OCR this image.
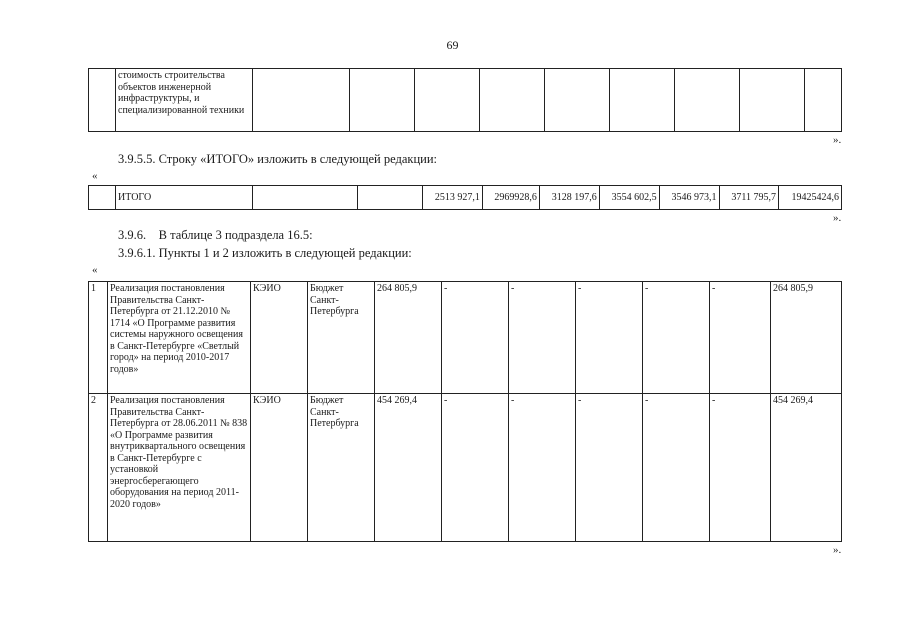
69
	стоимость строительства объектов инженерной инфраструктуры, и специализированной техники									
».
3.9.5.5. Строку «ИТОГО» изложить в следующей редакции:
«
	ИТОГО			2513 927,1	2969928,6	3128 197,6	3554 602,5	3546 973,1	3711 795,7	19425424,6
».
3.9.6.    В таблице 3 подраздела 16.5:
3.9.6.1. Пункты 1 и 2 изложить в следующей редакции:
«
1	Реализация постановления Правительства Санкт-Петербурга от 21.12.2010 № 1714 «О Программе развития системы наружного освещения в Санкт-Петербурге «Светлый город» на период 2010-2017 годов»	КЭИО	Бюджет Санкт-Петербурга	264 805,9	-	-	-	-	-	264 805,9
2	Реализация постановления Правительства Санкт-Петербурга от 28.06.2011 № 838 «О Программе развития внутриквартального освещения в Санкт-Петербурге с установкой энергосберегающего оборудования на период 2011-2020 годов»	КЭИО	Бюджет Санкт-Петербурга	454 269,4	-	-	-	-	-	454 269,4
».
